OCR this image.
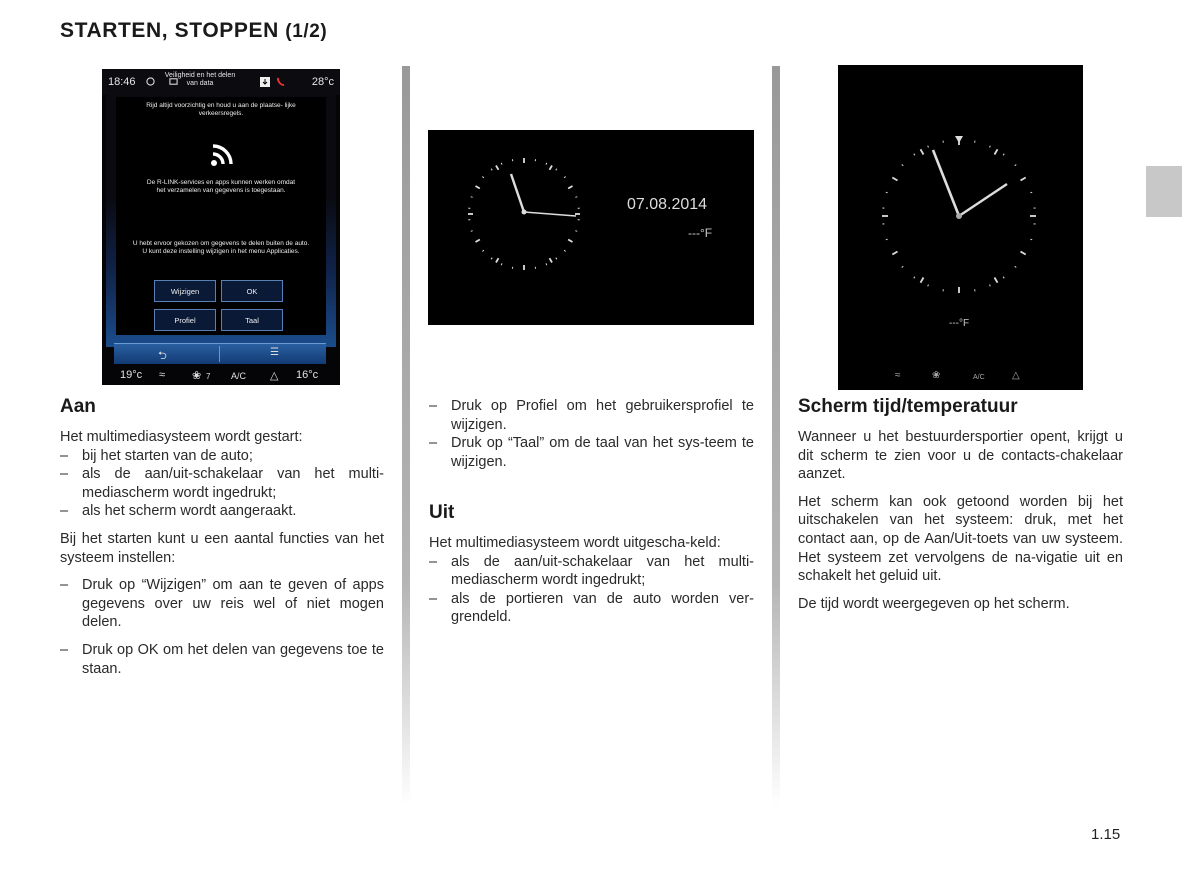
STARTEN, STOPPEN (1/2)
18:46
Veiligheid en het delen van data	28°c
Rijd altijd voorzichtig en houd u aan de plaatse- lijke verkeersregels.
De R-LINK-services en apps kunnen werken omdat het verzamelen van gegevens is toegestaan.
U hebt ervoor gekozen om gegevens te delen buiten de auto. U kunt deze instelling wijzigen in het menu Applicaties.
Wijzigen	OK
Profiel	Taal
⮌	☰
19°c ≈ ❀ 7 A/C △ 16°c
07.08.2014
---°F
---°F
≈	❀	A/C	△
Aan

Het multimediasysteem wordt gestart:

– bij het starten van de auto;
– als de aan/uit-schakelaar van het multi-mediascherm wordt ingedrukt;
– als het scherm wordt aangeraakt.

Bij het starten kunt u een aantal functies van het systeem instellen:

– Druk op “Wijzigen” om aan te geven of apps gegevens over uw reis wel of niet mogen delen.
– Druk op OK om het delen van gegevens toe te staan.
– Druk op Profiel om het gebruikersprofiel te wijzigen.
– Druk op “Taal” om de taal van het sys-teem te wijzigen.
Uit

Het multimediasysteem wordt uitgescha-keld:

– als de aan/uit-schakelaar van het multi-mediascherm wordt ingedrukt;
– als de portieren van de auto worden ver-grendeld.
Scherm tijd/temperatuur

Wanneer u het bestuurdersportier opent, krijgt u dit scherm te zien voor u de contacts-chakelaar aanzet.

Het scherm kan ook getoond worden bij het uitschakelen van het systeem: druk, met het contact aan, op de Aan/Uit-toets van uw systeem. Het systeem zet vervolgens de na-vigatie uit en schakelt het geluid uit.

De tijd wordt weergegeven op het scherm.

1.15
